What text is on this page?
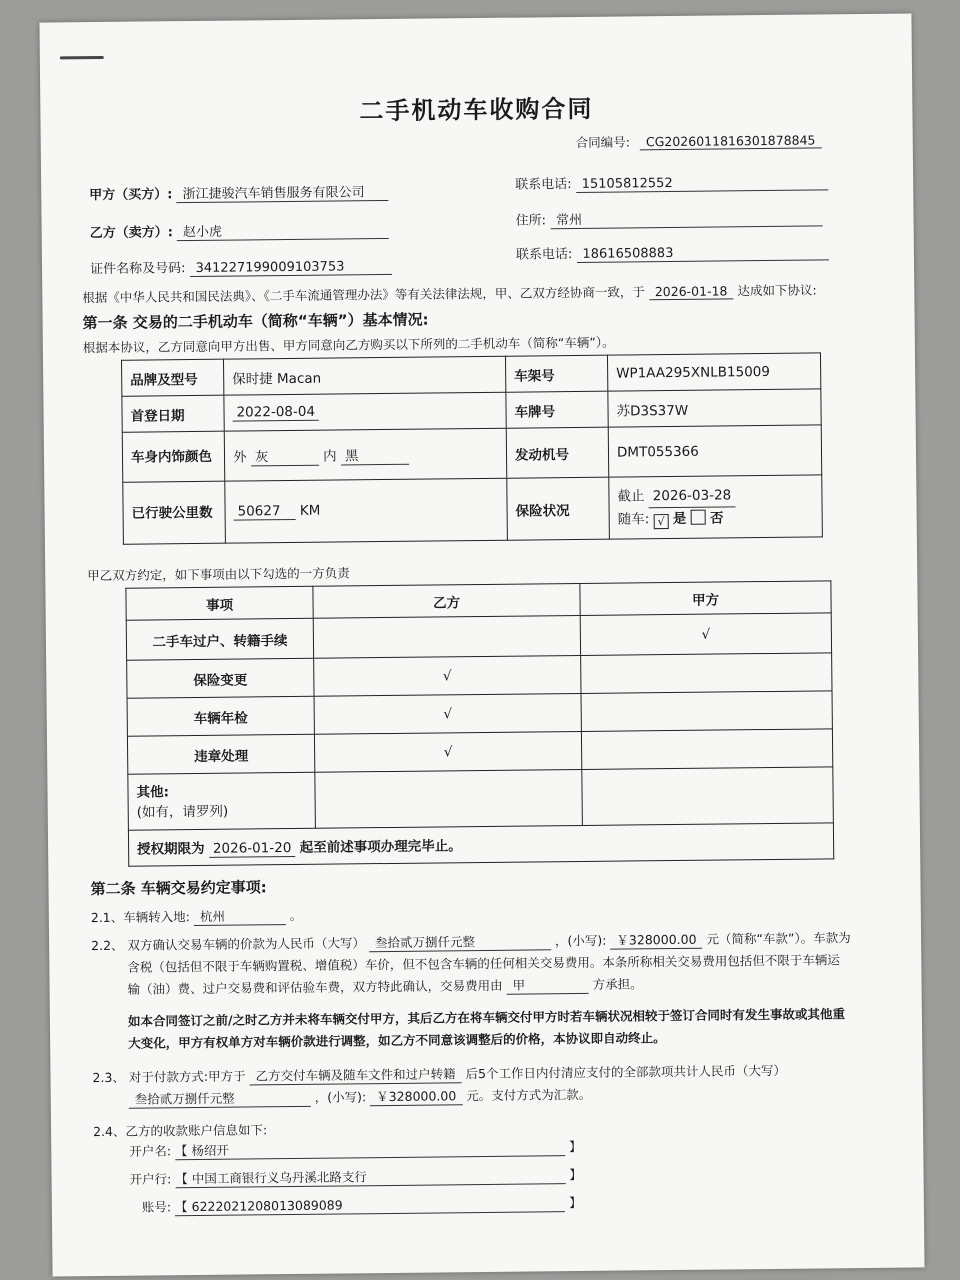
二手机动车收购合同
合同编号: CG2026011816301878845
甲方（买方）: 浙江捷骏汽车销售服务有限公司
联系电话: 15105812552
乙方（卖方）: 赵小虎
住所: 常州
证件名称及号码: 341227199009103753
联系电话: 18616508883
根据《中华人民共和国民法典》、《二手车流通管理办法》等有关法律法规，甲、乙双方经协商一致，于 2026-01-18 达成如下协议:
第一条 交易的二手机动车（简称“车辆”）基本情况:
根据本协议，乙方同意向甲方出售、甲方同意向乙方购买以下所列的二手机动车（简称“车辆”）。
品牌及型号	保时捷 Macan	车架号	WP1AA295XNLB15009
首登日期	2022-08-04	车牌号	苏D3S37W
车身内饰颜色	外 灰 内 黑	发动机号	DMT055366
已行驶公里数	50627 KM	保险状况	截止 2026-03-28
随车: √ 是 否
甲乙双方约定，如下事项由以下勾选的一方负责
事项	乙方	甲方
二手车过户、转籍手续		√
保险变更	√	
车辆年检	√	
违章处理	√	

其他:
(如有，请罗列)		

授权期限为 2026-01-20 起至前述事项办理完毕止。		
第二条 车辆交易约定事项:
2.1、车辆转入地: 杭州	。
2.2、 双方确认交易车辆的价款为人民币（大写） 叁拾贰万捌仟元整	，(小写): ￥328000.00 元（简称“车款”）。车款为
含税（包括但不限于车辆购置税、增值税）车价，但不包含车辆的任何相关交易费用。本条所称相关交易费用包括但不限于车辆运
输（油）费、过户交易费和评估验车费，双方特此确认，交易费用由 甲	方承担。
如本合同签订之前/之时乙方并未将车辆交付甲方，其后乙方在将车辆交付甲方时若车辆状况相较于签订合同时有发生事故或其他重
大变化，甲方有权单方对车辆价款进行调整，如乙方不同意该调整后的价格，本协议即自动终止。
2.3、 对于付款方式:甲方于 乙方交付车辆及随车文件和过户转籍 后5个工作日内付清应支付的全部款项共计人民币（大写）
叁拾贰万捌仟元整	，(小写): ￥328000.00 元。支付方式为汇款。
2.4、乙方的收款账户信息如下:
开户名: 【 杨绍开	】
开户行: 【 中国工商银行义乌丹溪北路支行	】
账号: 【 6222021208013089089	】
